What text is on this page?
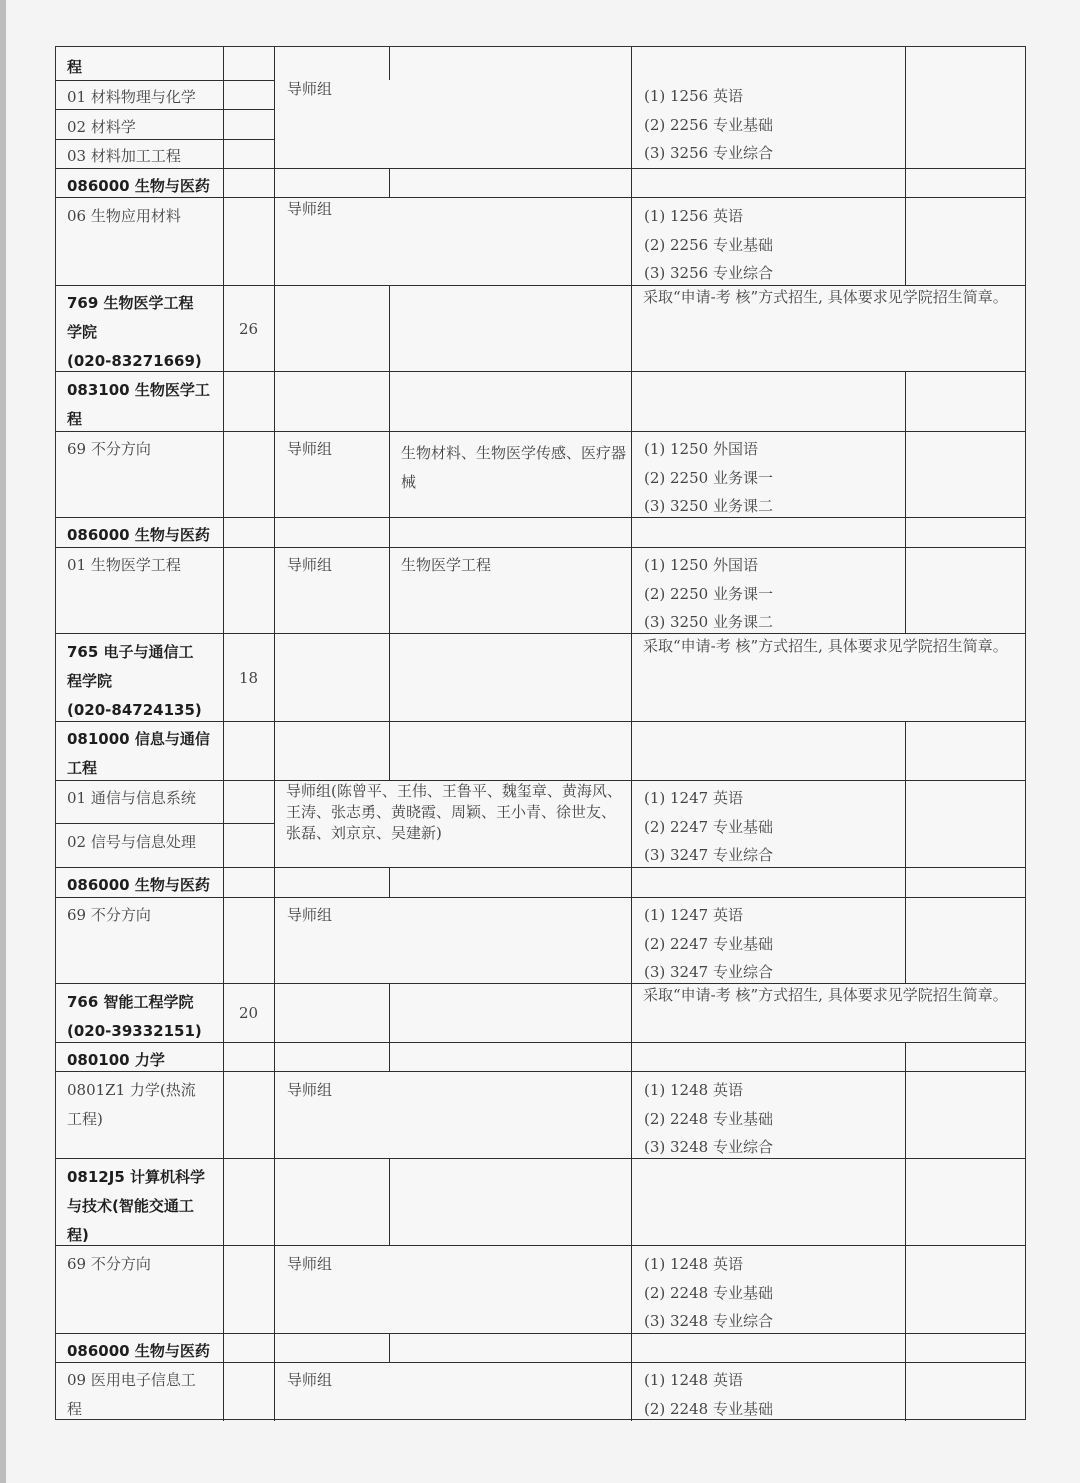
程
01 材料物理与化学
02 材料学
03 材料加工工程
086000 生物与医药
06 生物应用材料
769 生物医学工程
学院
(020-83271669)
083100 生物医学工
程
69 不分方向
086000 生物与医药
01 生物医学工程
765 电子与通信工
程学院
(020-84724135)
081000 信息与通信
工程
01 通信与信息系统
02 信号与信息处理
086000 生物与医药
69 不分方向
766 智能工程学院
(020-39332151)
080100 力学
0801Z1 力学(热流
工程)
0812J5 计算机科学
与技术(智能交通工
程)
69 不分方向
086000 生物与医药
09 医用电子信息工
程
26
18
20
导师组
导师组
导师组
导师组
导师组
导师组
导师组
导师组
导师组(陈曾平、王伟、王鲁平、魏玺章、黄海风、王涛、张志勇、黄晓霞、周颖、王小青、徐世友、张磊、刘京京、吴建新)
生物材料、生物医学传感、医疗器械
生物医学工程
采取“申请-考 核”方式招生, 具体要求见学院招生简章。
采取“申请-考 核”方式招生, 具体要求见学院招生简章。
采取“申请-考 核”方式招生, 具体要求见学院招生简章。
(1) 1256 英语
(2) 2256 专业基础
(3) 3256 专业综合
(1) 1256 英语
(2) 2256 专业基础
(3) 3256 专业综合
(1) 1250 外国语
(2) 2250 业务课一
(3) 3250 业务课二
(1) 1250 外国语
(2) 2250 业务课一
(3) 3250 业务课二
(1) 1247 英语
(2) 2247 专业基础
(3) 3247 专业综合
(1) 1247 英语
(2) 2247 专业基础
(3) 3247 专业综合
(1) 1248 英语
(2) 2248 专业基础
(3) 3248 专业综合
(1) 1248 英语
(2) 2248 专业基础
(3) 3248 专业综合
(1) 1248 英语
(2) 2248 专业基础
